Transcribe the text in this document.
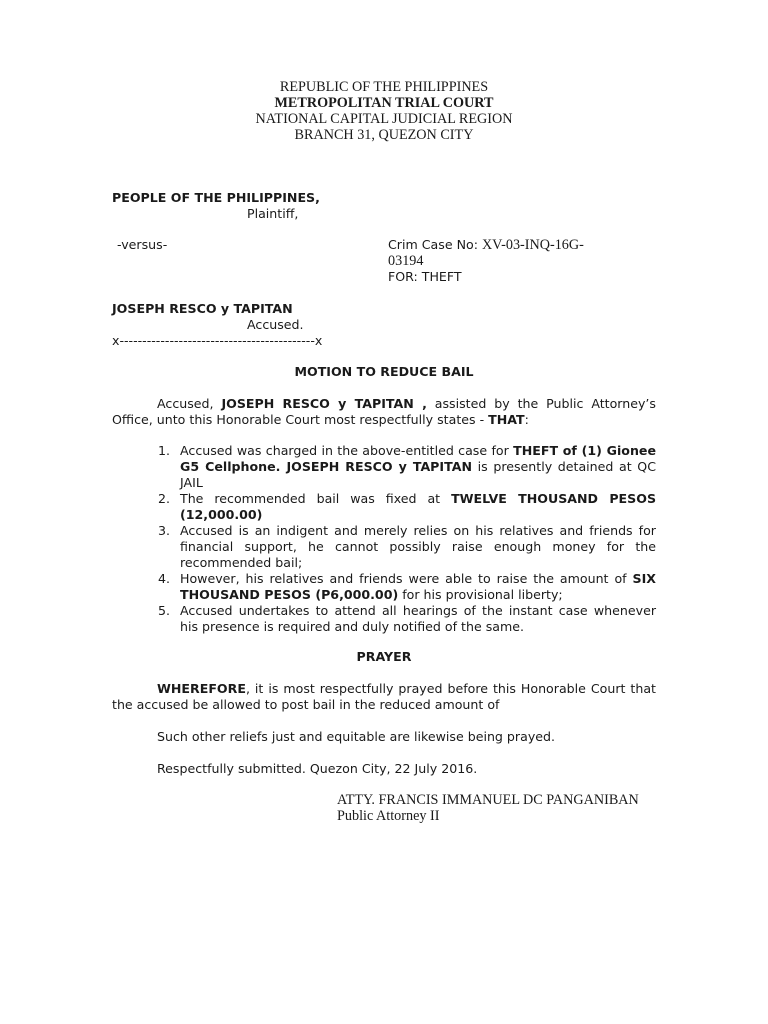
REPUBLIC OF THE PHILIPPINES
METROPOLITAN TRIAL COURT
NATIONAL CAPITAL JUDICIAL REGION
BRANCH 31, QUEZON CITY
PEOPLE OF THE PHILIPPINES,
Plaintiff,
-versus-	Crim Case No: XV-03-INQ-16G-
03194
FOR: THEFT
JOSEPH RESCO y TAPITAN
Accused.
x-------------------------------------------x
MOTION TO REDUCE BAIL
Accused, JOSEPH RESCO y TAPITAN , assisted by the Public Attorney’s Office, unto this Honorable Court most respectfully states - THAT:
1. Accused was charged in the above-entitled case for THEFT of (1) Gionee G5 Cellphone. JOSEPH RESCO y TAPITAN is presently detained at QC JAIL
2. The recommended bail was fixed at TWELVE THOUSAND PESOS (12,000.00)
3. Accused is an indigent and merely relies on his relatives and friends for financial support, he cannot possibly raise enough money for the recommended bail;
4. However, his relatives and friends were able to raise the amount of SIX THOUSAND PESOS (P6,000.00) for his provisional liberty;
5. Accused undertakes to attend all hearings of the instant case whenever his presence is required and duly notified of the same.
PRAYER
WHEREFORE, it is most respectfully prayed before this Honorable Court that the accused be allowed to post bail in the reduced amount of
Such other reliefs just and equitable are likewise being prayed.
Respectfully submitted. Quezon City, 22 July 2016.
ATTY. FRANCIS IMMANUEL DC PANGANIBAN
Public Attorney II
